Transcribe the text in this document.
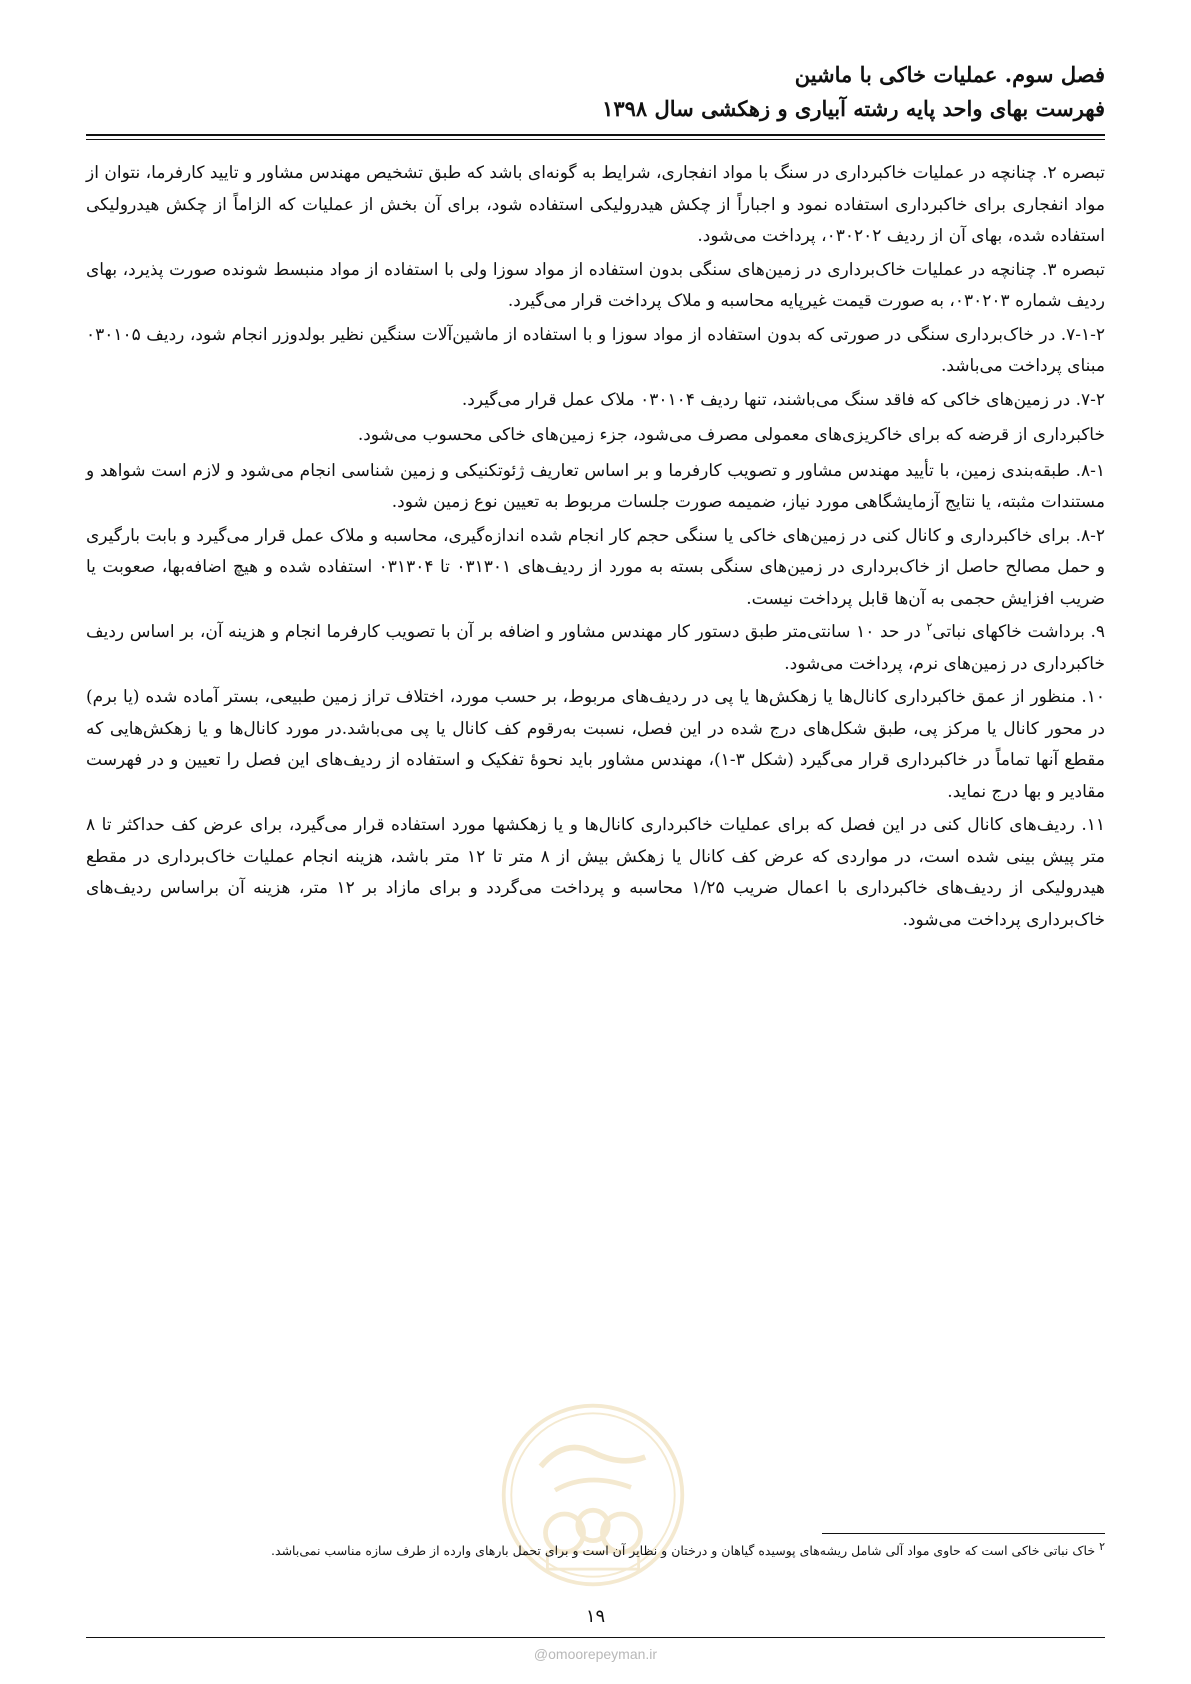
فصل سوم. عملیات خاکی با ماشین
فهرست بهای واحد پایه رشته آبیاری و زهکشی سال ۱۳۹۸

تبصره ۲. چنانچه در عملیات خاکبرداری در سنگ با مواد انفجاری، شرایط به گونه‌ای باشد که طبق تشخیص مهندس مشاور و تایید کارفرما، نتوان از مواد انفجاری برای خاکبرداری استفاده نمود و اجباراً از چکش هیدرولیکی استفاده شود، برای آن بخش از عملیات که الزاماً از چکش هیدرولیکی استفاده شده، بهای آن از ردیف ۰۳۰۲۰۲، پرداخت می‌شود.

تبصره ۳. چنانچه در عملیات خاک‌برداری در زمین‌های سنگی بدون استفاده از مواد سوزا ولی با استفاده از مواد منبسط شونده صورت پذیرد، بهای ردیف شماره ۰۳۰۲۰۳، به صورت قیمت غیرپایه محاسبه و ملاک پرداخت قرار می‌گیرد.

۷-۱-۲. در خاک‌برداری سنگی در صورتی که بدون استفاده از مواد سوزا و با استفاده از ماشین‌آلات سنگین نظیر بولدوزر انجام شود، ردیف ۰۳۰۱۰۵ مبنای پرداخت می‌باشد.

۷-۲. در زمین‌های خاکی که فاقد سنگ می‌باشند، تنها ردیف ۰۳۰۱۰۴ ملاک عمل قرار می‌گیرد.

خاکبرداری از قرضه که برای خاکریزی‌های معمولی مصرف می‌شود، جزء زمین‌های خاکی محسوب می‌شود.

۸-۱. طبقه‌بندی زمین، با تأیید مهندس مشاور و تصویب کارفرما و بر اساس تعاریف ژئوتکنیکی و زمین شناسی انجام می‌شود و لازم است شواهد و مستندات مثبته، یا نتایج آزمایشگاهی مورد نیاز، ضمیمه صورت جلسات مربوط به تعیین نوع زمین شود.

۸-۲. برای خاکبرداری و کانال کنی در زمین‌های خاکی یا سنگی حجم کار انجام شده اندازه‌گیری، محاسبه و ملاک عمل قرار می‌گیرد و بابت بارگیری و حمل مصالح حاصل از خاک‌برداری در زمین‌های سنگی بسته به مورد از ردیف‌های ۰۳۱۳۰۱ تا ۰۳۱۳۰۴ استفاده شده و هیچ اضافه‌بها، صعوبت یا ضریب افزایش حجمی به آن‌ها قابل پرداخت نیست.

۹. برداشت خاکهای نباتی$^۲$ در حد ۱۰ سانتی‌متر طبق دستور کار مهندس مشاور و اضافه بر آن با تصویب کارفرما انجام و هزینه آن، بر اساس ردیف خاکبرداری در زمین‌های نرم، پرداخت می‌شود.

۱۰. منظور از عمق خاکبرداری کانال‌ها یا زهکش‌ها یا پی در ردیف‌های مربوط، بر حسب مورد، اختلاف تراز زمین طبیعی، بستر آماده شده (یا برم) در محور کانال یا مرکز پی، طبق شکل‌های درج شده در این فصل، نسبت به‌رقوم کف کانال یا پی می‌باشد.در مورد کانال‌ها و یا زهکش‌هایی که مقطع آنها تماماً در خاکبرداری قرار می‌گیرد (شکل ۳-۱)، مهندس مشاور باید نحوهٔ تفکیک و استفاده از ردیف‌های این فصل را تعیین و در فهرست مقادیر و بها درج نماید.

۱۱. ردیف‌های کانال کنی در این فصل که برای عملیات خاکبرداری کانال‌ها و یا زهکشها مورد استفاده قرار می‌گیرد، برای عرض کف حداکثر تا ۸ متر پیش بینی شده است، در مواردی که عرض کف کانال یا زهکش بیش از ۸ متر تا ۱۲ متر باشد، هزینه انجام عملیات خاک‌برداری در مقطع هیدرولیکی از ردیف‌های خاکبرداری با اعمال ضریب ۱/۲۵ محاسبه و پرداخت می‌گردد و برای مازاد بر ۱۲ متر، هزینه آن براساس ردیف‌های خاک‌برداری پرداخت می‌شود.

$^۲$ خاک نباتی خاکی است که حاوی مواد آلی شامل ریشه‌های پوسیده گیاهان و درختان و نظایر آن است و برای تحمل بارهای وارده از طرف سازه مناسب نمی‌باشد.
۱۹
@omoorepeyman.ir
